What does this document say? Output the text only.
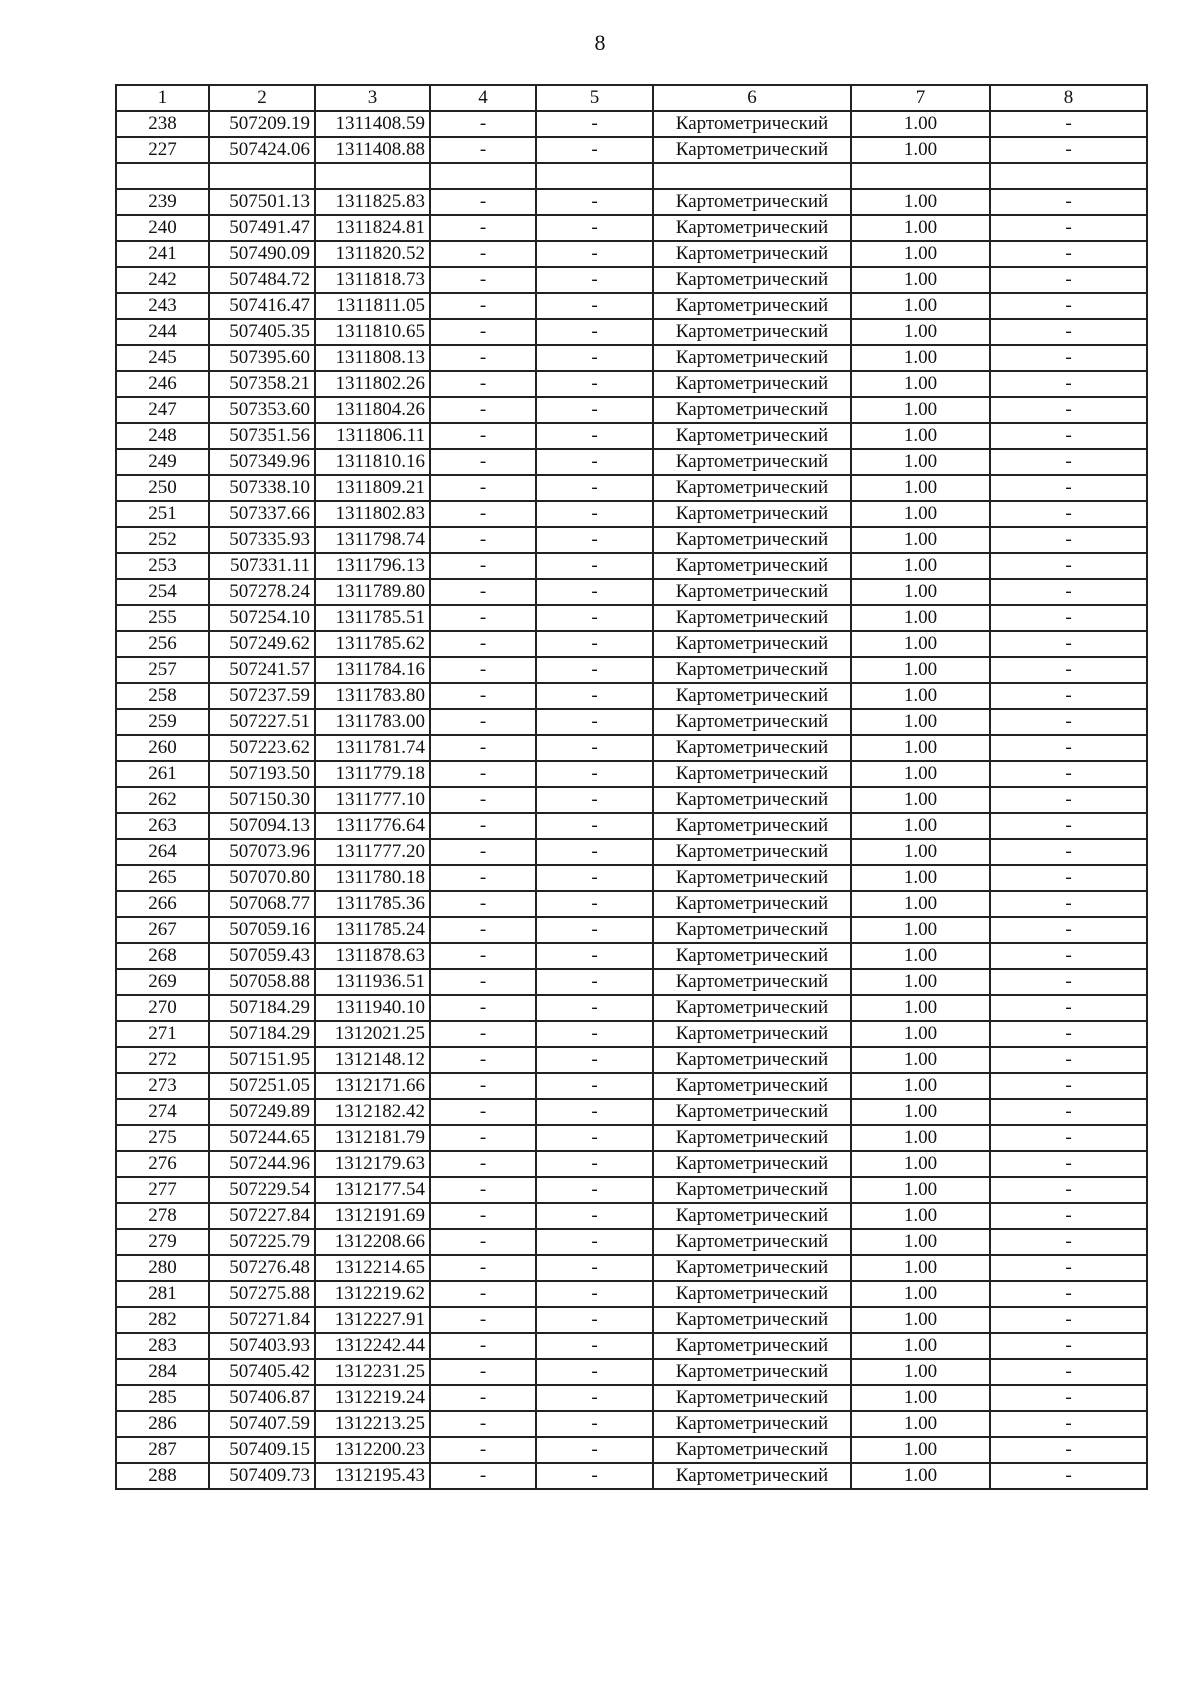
8
1	2	3	4	5	6	7	8
238	507209.19	1311408.59	-	-	Картометрический	1.00	-
227	507424.06	1311408.88	-	-	Картометрический	1.00	-

239	507501.13	1311825.83	-	-	Картометрический	1.00	-
240	507491.47	1311824.81	-	-	Картометрический	1.00	-
241	507490.09	1311820.52	-	-	Картометрический	1.00	-
242	507484.72	1311818.73	-	-	Картометрический	1.00	-
243	507416.47	1311811.05	-	-	Картометрический	1.00	-
244	507405.35	1311810.65	-	-	Картометрический	1.00	-
245	507395.60	1311808.13	-	-	Картометрический	1.00	-
246	507358.21	1311802.26	-	-	Картометрический	1.00	-
247	507353.60	1311804.26	-	-	Картометрический	1.00	-
248	507351.56	1311806.11	-	-	Картометрический	1.00	-
249	507349.96	1311810.16	-	-	Картометрический	1.00	-
250	507338.10	1311809.21	-	-	Картометрический	1.00	-
251	507337.66	1311802.83	-	-	Картометрический	1.00	-
252	507335.93	1311798.74	-	-	Картометрический	1.00	-
253	507331.11	1311796.13	-	-	Картометрический	1.00	-
254	507278.24	1311789.80	-	-	Картометрический	1.00	-
255	507254.10	1311785.51	-	-	Картометрический	1.00	-
256	507249.62	1311785.62	-	-	Картометрический	1.00	-
257	507241.57	1311784.16	-	-	Картометрический	1.00	-
258	507237.59	1311783.80	-	-	Картометрический	1.00	-
259	507227.51	1311783.00	-	-	Картометрический	1.00	-
260	507223.62	1311781.74	-	-	Картометрический	1.00	-
261	507193.50	1311779.18	-	-	Картометрический	1.00	-
262	507150.30	1311777.10	-	-	Картометрический	1.00	-
263	507094.13	1311776.64	-	-	Картометрический	1.00	-
264	507073.96	1311777.20	-	-	Картометрический	1.00	-
265	507070.80	1311780.18	-	-	Картометрический	1.00	-
266	507068.77	1311785.36	-	-	Картометрический	1.00	-
267	507059.16	1311785.24	-	-	Картометрический	1.00	-
268	507059.43	1311878.63	-	-	Картометрический	1.00	-
269	507058.88	1311936.51	-	-	Картометрический	1.00	-
270	507184.29	1311940.10	-	-	Картометрический	1.00	-
271	507184.29	1312021.25	-	-	Картометрический	1.00	-
272	507151.95	1312148.12	-	-	Картометрический	1.00	-
273	507251.05	1312171.66	-	-	Картометрический	1.00	-
274	507249.89	1312182.42	-	-	Картометрический	1.00	-
275	507244.65	1312181.79	-	-	Картометрический	1.00	-
276	507244.96	1312179.63	-	-	Картометрический	1.00	-
277	507229.54	1312177.54	-	-	Картометрический	1.00	-
278	507227.84	1312191.69	-	-	Картометрический	1.00	-
279	507225.79	1312208.66	-	-	Картометрический	1.00	-
280	507276.48	1312214.65	-	-	Картометрический	1.00	-
281	507275.88	1312219.62	-	-	Картометрический	1.00	-
282	507271.84	1312227.91	-	-	Картометрический	1.00	-
283	507403.93	1312242.44	-	-	Картометрический	1.00	-
284	507405.42	1312231.25	-	-	Картометрический	1.00	-
285	507406.87	1312219.24	-	-	Картометрический	1.00	-
286	507407.59	1312213.25	-	-	Картометрический	1.00	-
287	507409.15	1312200.23	-	-	Картометрический	1.00	-
288	507409.73	1312195.43	-	-	Картометрический	1.00	-
